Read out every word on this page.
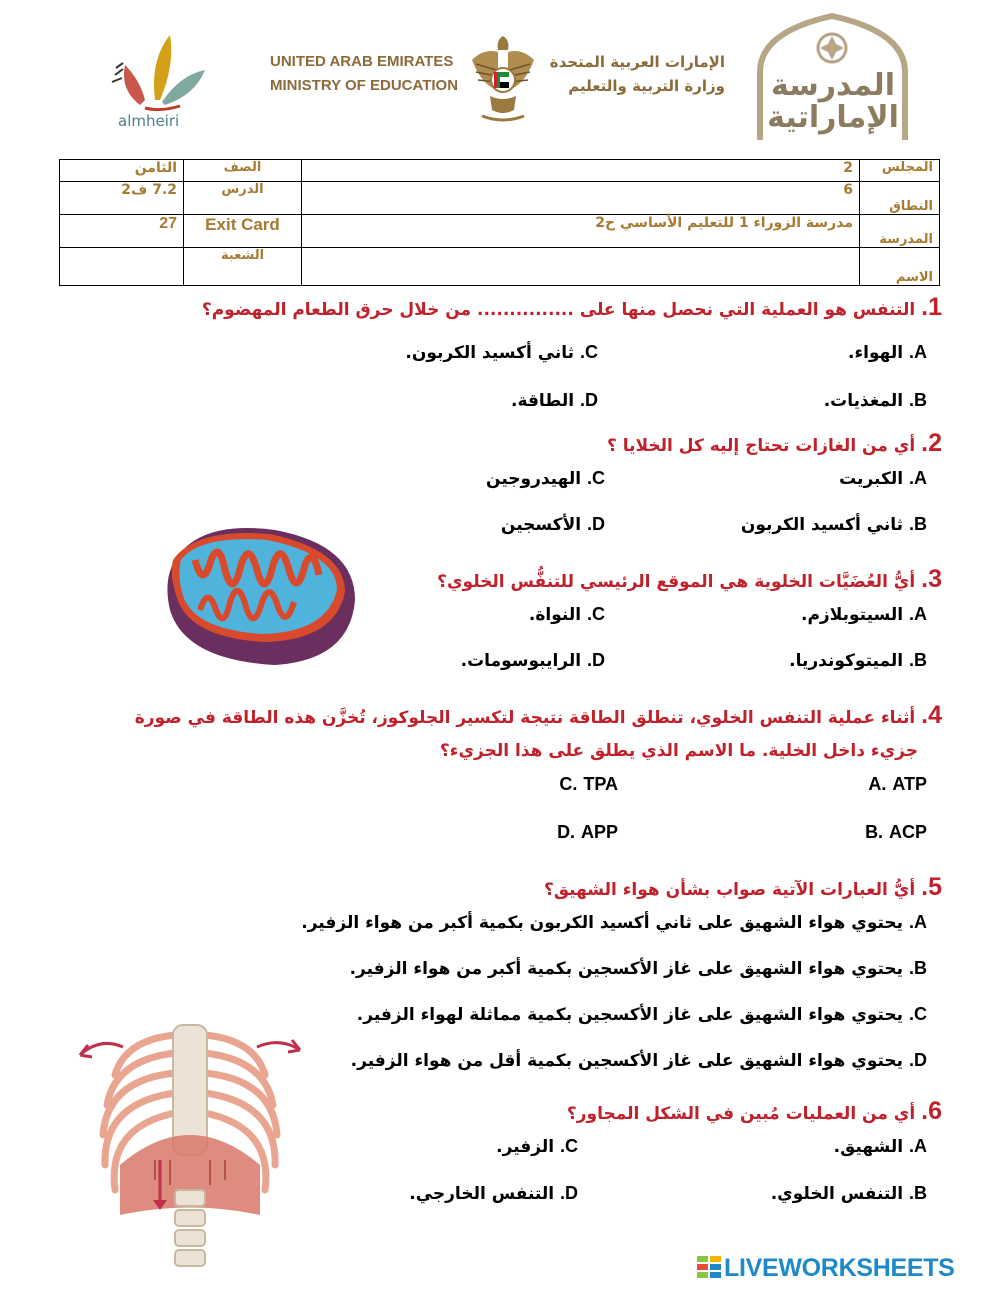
almheiri
UNITED ARAB EMIRATES
MINISTRY OF EDUCATION
الإمارات العربية المتحدة
وزارة التربية والتعليم	المدرسة
الإماراتية
المجلس	2	الصف	الثامن
النطاق	6	الدرس	7.2 ف2
المدرسة	مدرسة الزوراء 1 للتعليم الأساسي ح2	Exit Card	27
الاسم		الشعبة	
1. التنفس هو العملية التي نحصل منها على ............... من خلال حرق الطعام المهضوم؟
A. الهواء.
C. ثاني أكسيد الكربون.
B. المغذيات.
D. الطاقة.
2. أي من الغازات تحتاج إليه كل الخلايا ؟
A. الكبريت
C. الهيدروجين
B. ثاني أكسيد الكربون
D. الأكسجين
3. أيُّ العُضَيَّات الخلوية هي الموقع الرئيسي للتنفُّس الخلوي؟
A. السيتوبلازم.
C. النواة.
B. الميتوكوندريا.
D. الرايبوسومات.
4. أثناء عملية التنفس الخلوي، تنطلق الطاقة نتيجة لتكسير الجلوكوز، تُخزَّن هذه الطاقة في صورة
جزيء داخل الخلية. ما الاسم الذي يطلق على هذا الجزيء؟
A. ATP
C. TPA
B. ACP
D. APP
5. أيُّ العبارات الآتية صواب بشأن هواء الشهيق؟
A. يحتوي هواء الشهيق على ثاني أكسيد الكربون بكمية أكبر من هواء الزفير.
B. يحتوي هواء الشهيق على غاز الأكسجين بكمية أكبر من هواء الزفير.
C. يحتوي هواء الشهيق على غاز الأكسجين بكمية مماثلة لهواء الزفير.
D. يحتوي هواء الشهيق على غاز الأكسجين بكمية أقل من هواء الزفير.
6. أي من العمليات مُبين في الشكل المجاور؟
A. الشهيق.
C. الزفير.
B. التنفس الخلوي.
D. التنفس الخارجي.
LIVEWORKSHEETS
